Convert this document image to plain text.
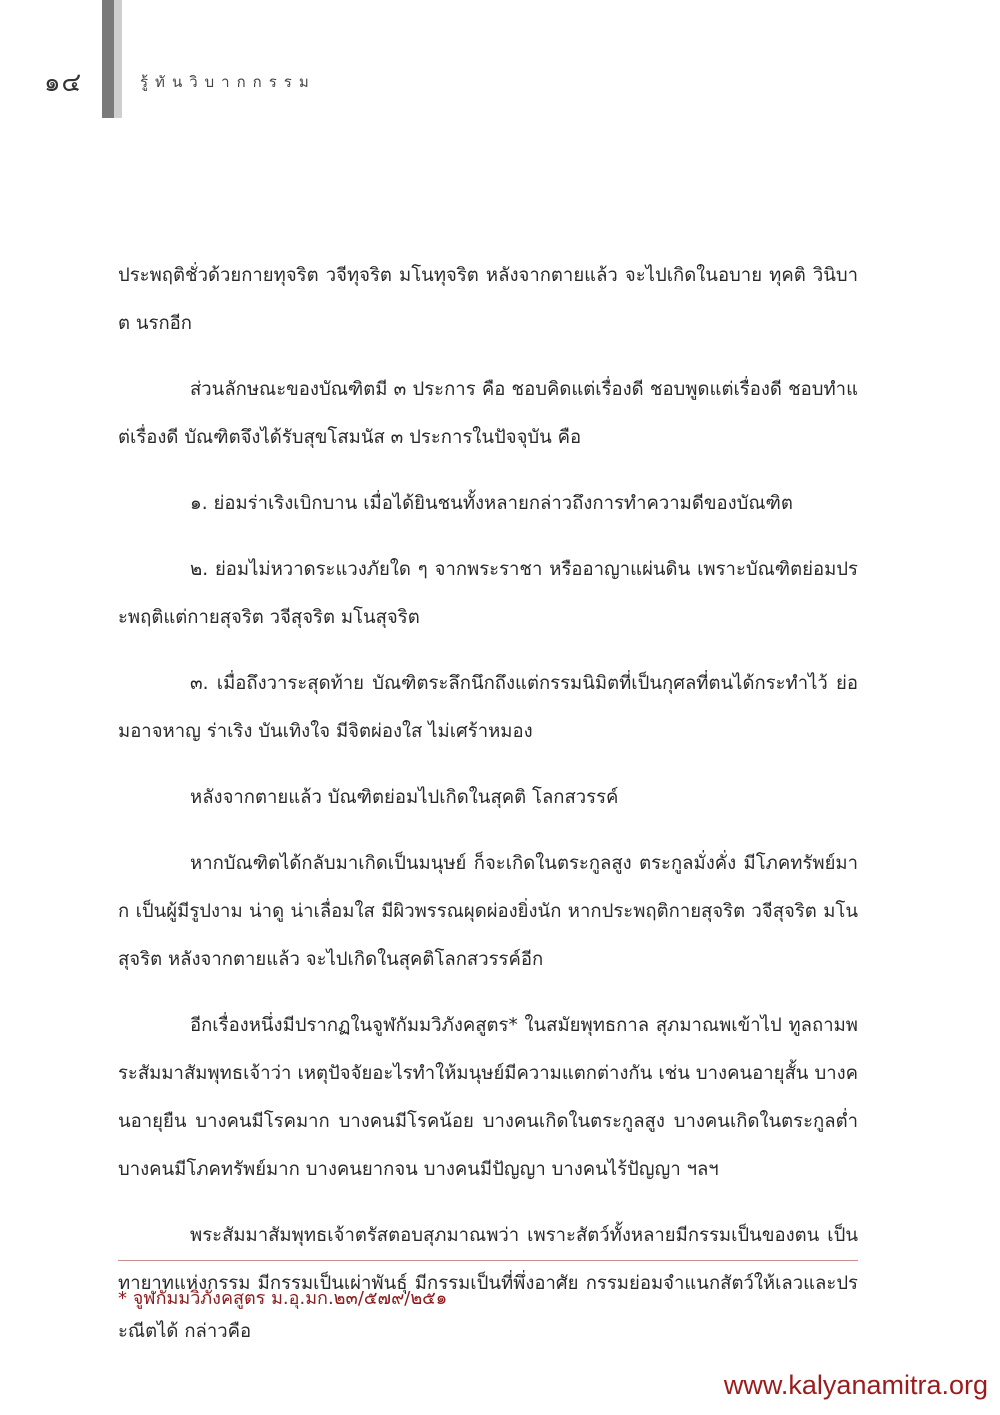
๑๔	รู้ทันวิบากกรรม

ประพฤติชั่วด้วยกายทุจริต วจีทุจริต มโนทุจริต หลังจากตายแล้ว จะไปเกิดในอบาย ทุคติ วินิบาต นรกอีก

ส่วนลักษณะของบัณฑิตมี ๓ ประการ คือ ชอบคิดแต่เรื่องดี ชอบพูดแต่เรื่องดี ชอบทำแต่เรื่องดี บัณฑิตจึงได้รับสุขโสมนัส ๓ ประการในปัจจุบัน คือ

๑. ย่อมร่าเริงเบิกบาน เมื่อได้ยินชนทั้งหลายกล่าวถึงการทำความดีของบัณฑิต

๒. ย่อมไม่หวาดระแวงภัยใด ๆ จากพระราชา หรืออาญาแผ่นดิน เพราะบัณฑิตย่อมประพฤติแต่กายสุจริต วจีสุจริต มโนสุจริต

๓. เมื่อถึงวาระสุดท้าย บัณฑิตระลึกนึกถึงแต่กรรมนิมิตที่เป็นกุศลที่ตนได้กระทำไว้ ย่อมอาจหาญ ร่าเริง บันเทิงใจ มีจิตผ่องใส ไม่เศร้าหมอง

หลังจากตายแล้ว บัณฑิตย่อมไปเกิดในสุคติ โลกสวรรค์

หากบัณฑิตได้กลับมาเกิดเป็นมนุษย์ ก็จะเกิดในตระกูลสูง ตระกูลมั่งคั่ง มีโภคทรัพย์มาก เป็นผู้มีรูปงาม น่าดู น่าเลื่อมใส มีผิวพรรณผุดผ่องยิ่งนัก หากประพฤติกายสุจริต วจีสุจริต มโนสุจริต หลังจากตายแล้ว จะไปเกิดในสุคติโลกสวรรค์อีก

อีกเรื่องหนึ่งมีปรากฏในจูฬกัมมวิภังคสูตร* ในสมัยพุทธกาล สุภมาณพเข้าไป ทูลถามพระสัมมาสัมพุทธเจ้าว่า เหตุปัจจัยอะไรทำให้มนุษย์มีความแตกต่างกัน เช่น บางคนอายุสั้น บางคนอายุยืน บางคนมีโรคมาก บางคนมีโรคน้อย บางคนเกิดในตระกูลสูง บางคนเกิดในตระกูลต่ำ บางคนมีโภคทรัพย์มาก บางคนยากจน บางคนมีปัญญา บางคนไร้ปัญญา ฯลฯ

พระสัมมาสัมพุทธเจ้าตรัสตอบสุภมาณพว่า เพราะสัตว์ทั้งหลายมีกรรมเป็นของตน เป็นทายาทแห่งกรรม มีกรรมเป็นเผ่าพันธุ์ มีกรรมเป็นที่พึ่งอาศัย กรรมย่อมจำแนกสัตว์ให้เลวและประณีตได้ กล่าวคือ

* จูฬกัมมวิภังคสูตร ม.อุ.มก.๒๓/๕๗๙/๒๕๑
www.kalyanamitra.org
